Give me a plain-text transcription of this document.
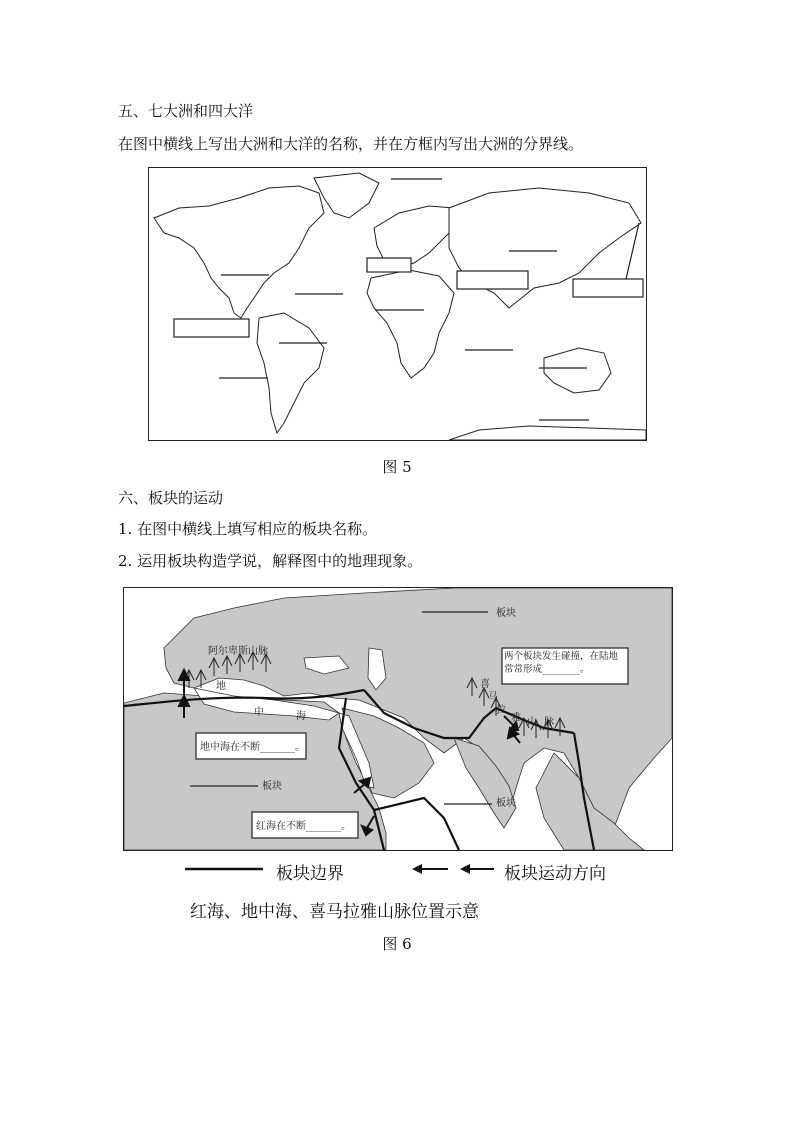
五、七大洲和四大洋
在图中横线上写出大洲和大洋的名称，并在方框内写出大洲的分界线。
图 5
六、板块的运动
1. 在图中横线上填写相应的板块名称。
2. 运用板块构造学说，解释图中的地理现象。
板块
板块
板块
阿尔卑斯山脉
地
中	海
喜
马
拉
雅 山 脉
两个板块发生碰撞，在陆地常常形成________。
地中海在不断_______。
红海在不断_______。
板块边界	板块运动方向
红海、地中海、喜马拉雅山脉位置示意
图 6
